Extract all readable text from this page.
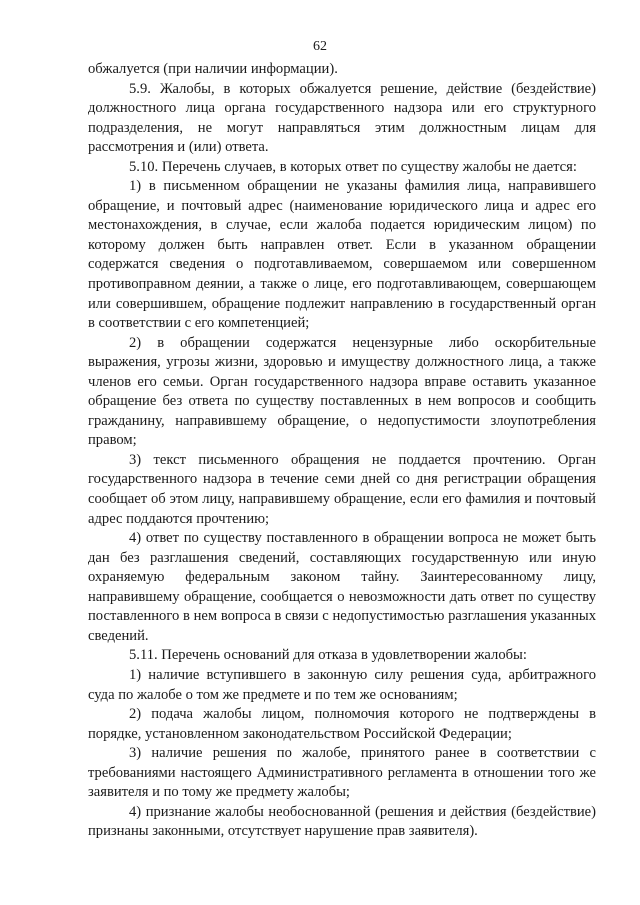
62

обжалуется (при наличии информации).

5.9. Жалобы, в которых обжалуется решение, действие (бездействие) должностного лица органа государственного надзора или его структурного подразделения, не могут направляться этим должностным лицам для рассмотрения и (или) ответа.

5.10. Перечень случаев, в которых ответ по существу жалобы не дается:

1) в письменном обращении не указаны фамилия лица, направившего обращение, и почтовый адрес (наименование юридического лица и адрес его местонахождения, в случае, если жалоба подается юридическим лицом) по которому должен быть направлен ответ. Если в указанном обращении содержатся сведения о подготавливаемом, совершаемом или совершенном противоправном деянии, а также о лице, его подготавливающем, совершающем или совершившем, обращение подлежит направлению в государственный орган в соответствии с его компетенцией;

2) в обращении содержатся нецензурные либо оскорбительные выражения, угрозы жизни, здоровью и имуществу должностного лица, а также членов его семьи. Орган государственного надзора вправе оставить указанное обращение без ответа по существу поставленных в нем вопросов и сообщить гражданину, направившему обращение, о недопустимости злоупотребления правом;

3) текст письменного обращения не поддается прочтению. Орган государственного надзора в течение семи дней со дня регистрации обращения сообщает об этом лицу, направившему обращение, если его фамилия и почтовый адрес поддаются прочтению;

4) ответ по существу поставленного в обращении вопроса не может быть дан без разглашения сведений, составляющих государственную или иную охраняемую федеральным законом тайну. Заинтересованному лицу, направившему обращение, сообщается о невозможности дать ответ по существу поставленного в нем вопроса в связи с недопустимостью разглашения указанных сведений.

5.11. Перечень оснований для отказа в удовлетворении жалобы:

1) наличие вступившего в законную силу решения суда, арбитражного суда по жалобе о том же предмете и по тем же основаниям;

2) подача жалобы лицом, полномочия которого не подтверждены в порядке, установленном законодательством Российской Федерации;

3) наличие решения по жалобе, принятого ранее в соответствии с требованиями настоящего Административного регламента в отношении того же заявителя и по тому же предмету жалобы;

4) признание жалобы необоснованной (решения и действия (бездействие) признаны законными, отсутствует нарушение прав заявителя).
